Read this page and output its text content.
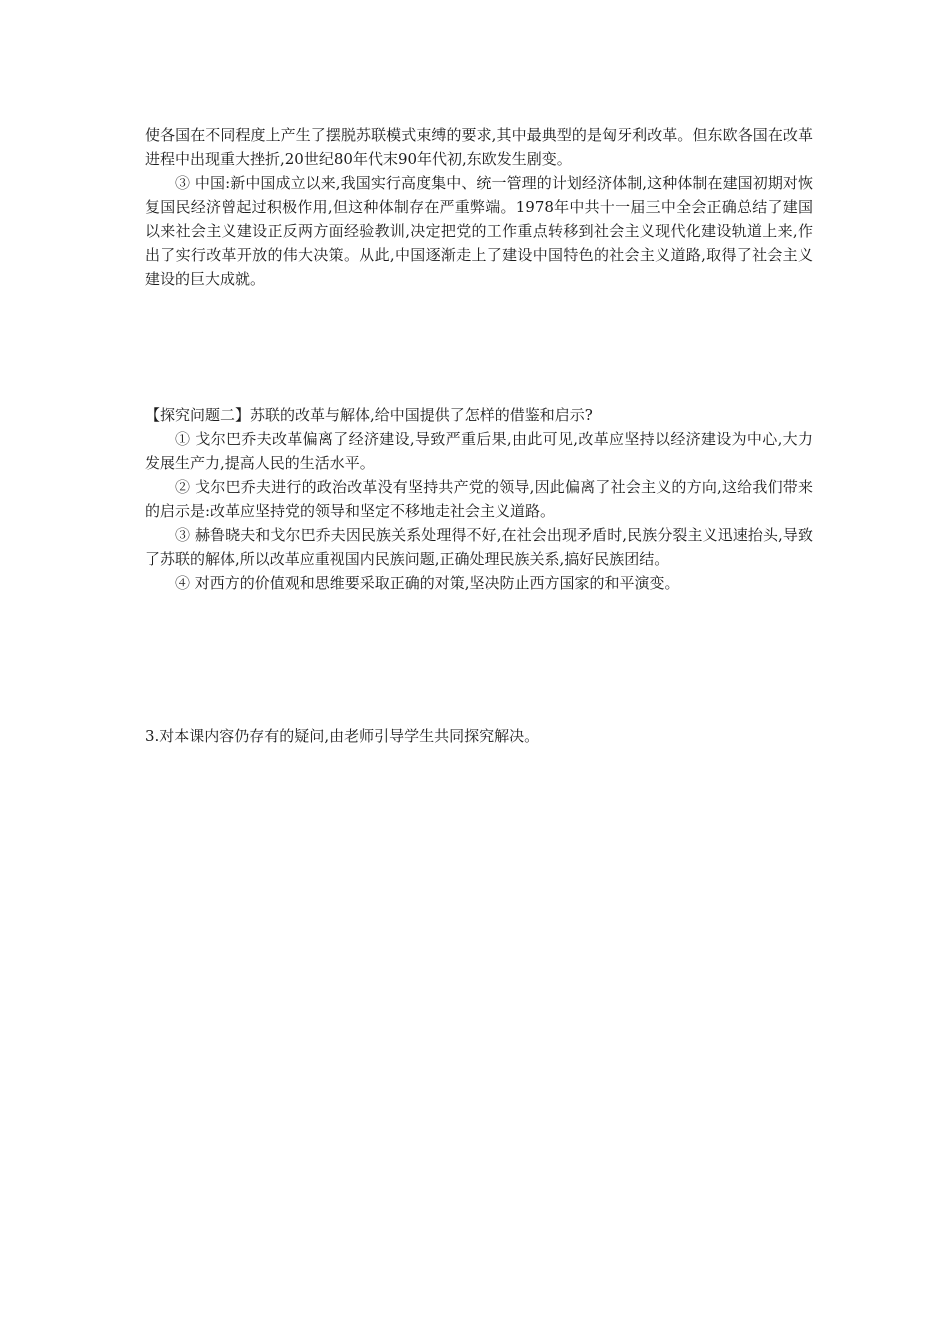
使各国在不同程度上产生了摆脱苏联模式束缚的要求,其中最典型的是匈牙利改革。但东欧各国在改革进程中出现重大挫折,20世纪80年代末90年代初,东欧发生剧变。

③ 中国:新中国成立以来,我国实行高度集中、统一管理的计划经济体制,这种体制在建国初期对恢复国民经济曾起过积极作用,但这种体制存在严重弊端。1978年中共十一届三中全会正确总结了建国以来社会主义建设正反两方面经验教训,决定把党的工作重点转移到社会主义现代化建设轨道上来,作出了实行改革开放的伟大决策。从此,中国逐渐走上了建设中国特色的社会主义道路,取得了社会主义建设的巨大成就。

【探究问题二】苏联的改革与解体,给中国提供了怎样的借鉴和启示?

① 戈尔巴乔夫改革偏离了经济建设,导致严重后果,由此可见,改革应坚持以经济建设为中心,大力发展生产力,提高人民的生活水平。

② 戈尔巴乔夫进行的政治改革没有坚持共产党的领导,因此偏离了社会主义的方向,这给我们带来的启示是:改革应坚持党的领导和坚定不移地走社会主义道路。

③ 赫鲁晓夫和戈尔巴乔夫因民族关系处理得不好,在社会出现矛盾时,民族分裂主义迅速抬头,导致了苏联的解体,所以改革应重视国内民族问题,正确处理民族关系,搞好民族团结。

④ 对西方的价值观和思维要采取正确的对策,坚决防止西方国家的和平演变。

3.对本课内容仍存有的疑问,由老师引导学生共同探究解决。
